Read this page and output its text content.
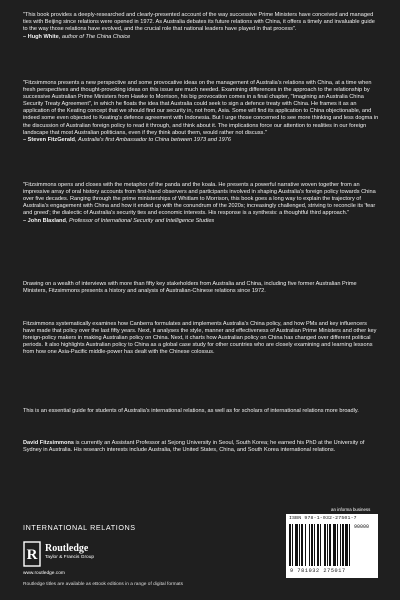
"This book provides a deeply-researched and clearly-presented account of the way successive Prime Ministers have conceived and managed ties with Beijing since relations were opened in 1972. As Australia debates its future relations with China, it offers a timely and invaluable guide to the way those relations have evolved, and the crucial role that national leaders have played in that process".
– Hugh White, author of The China Choice
"Fitzsimmons presents a new perspective and some provocative ideas on the management of Australia's relations with China, at a time when fresh perspectives and thought-provoking ideas on this issue are much needed. Examining differences in the approach to the relationship by successive Australian Prime Ministers from Hawke to Morrison, his big provocation comes in a final chapter, "Imagining an Australia China Security Treaty Agreement", in which he floats the idea that Australia could seek to sign a defence treaty with China. He frames it as an application of the Keating concept that we should find our security in, not from, Asia. Some will find its application to China objectionable, and indeed some even objected to Keating's defence agreement with Indonesia. But I urge those concerned to see more thinking and less dogma in the discussion of Australian foreign policy to read it through, and think about it. The implications force our attention to realities in our foreign landscape that most Australian politicians, even if they think about them, would rather not discuss."
– Steven FitzGerald, Australia's first Ambassador to China between 1973 and 1976
"Fitzsimmons opens and closes with the metaphor of the panda and the koala. He presents a powerful narrative woven together from an impressive array of oral history accounts from first-hand observers and participants involved in shaping Australia's foreign policy towards China over five decades. Ranging through the prime ministerships of Whitlam to Morrison, this book goes a long way to explain the trajectory of Australia's engagement with China and how it ended up with the conundrum of the 2020s; increasingly challenged, striving to reconcile its 'fear and greed'; the dialectic of Australia's security ties and economic interests. His response is a synthesis: a thoughtful third approach."
– John Blaxland, Professor of International Security and Intelligence Studies

Drawing on a wealth of interviews with more than fifty key stakeholders from Australia and China, including five former Australian Prime Ministers, Fitzsimmons presents a history and analysis of Australian-Chinese relations since 1972.

Fitzsimmons systematically examines how Canberra formulates and implements Australia's China policy, and how PMs and key influencers have made that policy over the last fifty years. Next, it analyses the style, manner and effectiveness of Australian Prime Ministers and other key foreign-policy makers in making Australian policy on China. Next, it charts how Australian policy on China has changed over different political periods. It also highlights Australian policy to China as a global case study for other countries who are closely examining and learning lessons from how one Asia-Pacific middle-power has dealt with the Chinese colossus.

This is an essential guide for students of Australia's international relations, as well as for scholars of international relations more broadly.

David Fitzsimmons is currently an Assistant Professor at Sejong University in Seoul, South Korea; he earned his PhD at the University of Sydney in Australia. His research interests include Australia, the United States, China, and South Korea international relations.

INTERNATIONAL RELATIONS
R Routledge
Taylor & Francis Group
www.routledge.com
Routledge titles are available as eBook editions in a range of digital formats
an informa business
ISBN 978-1-032-27501-7
90000
9 781032 275017
